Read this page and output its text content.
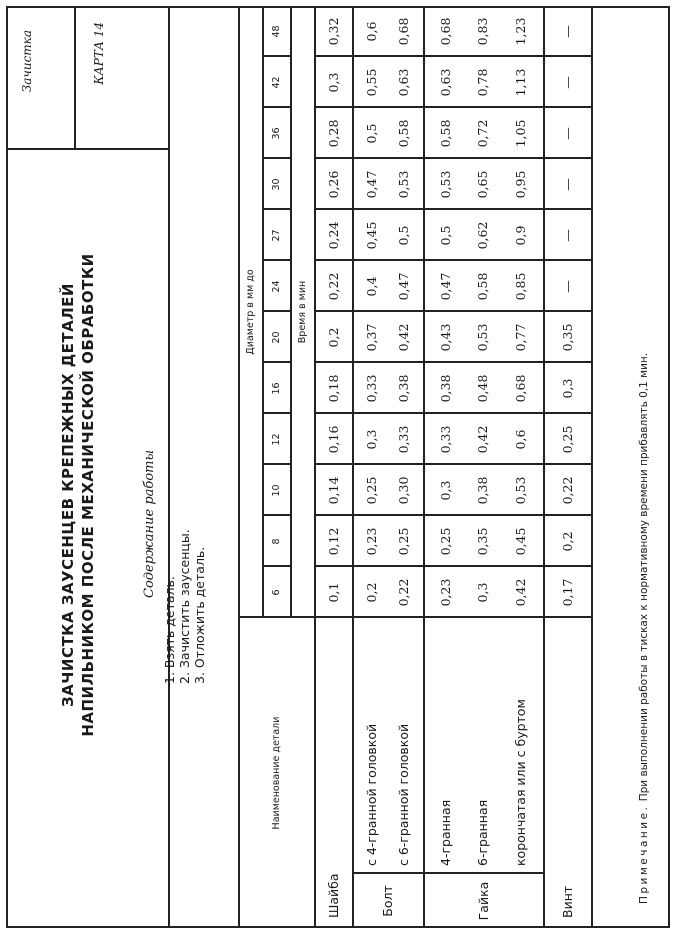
ЗАЧИСТКА ЗАУСЕНЦЕВ КРЕПЕЖНЫХ ДЕТАЛЕЙ НАПИЛЬНИКОМ ПОСЛЕ МЕХАНИЧЕСКОЙ ОБРАБОТКИ
Зачистка	КАРТА 14
Содержание работы
1. Взять деталь. 2. Зачистить заусенцы. 3. Отложить деталь.
Наименование детали
Диаметр в мм до
6
8
10
12
16
20
24
27
30
36
42
48
Время в мин
Шайба
0,1
0,12
0,14
0,16
0,18
0,2
0,22
0,24
0,26
0,28
0,3
0,32
Болт
с 4-гранной головкой
0,2
0,23
0,25
0,3
0,33
0,37
0,4
0,45
0,47
0,5
0,55
0,6
с 6-гранной головкой
0,22
0,25
0,30
0,33
0,38
0,42
0,47
0,5
0,53
0,58
0,63
0,68
Гайка
4-гранная
0,23
0,25
0,3
0,33
0,38
0,43
0,47
0,5
0,53
0,58
0,63
0,68
6-гранная
0,3
0,35
0,38
0,42
0,48
0,53
0,58
0,62
0,65
0,72
0,78
0,83
корончатая или с буртом
0,42
0,45
0,53
0,6
0,68
0,77
0,85
0,9
0,95
1,05
1,13
1,23
Винт
0,17
0,2
0,22
0,25
0,3
0,35
—
—
—
—
—
—
Примечание. При выполнении работы в тисках к нормативному времени прибавлять 0,1 мин.
